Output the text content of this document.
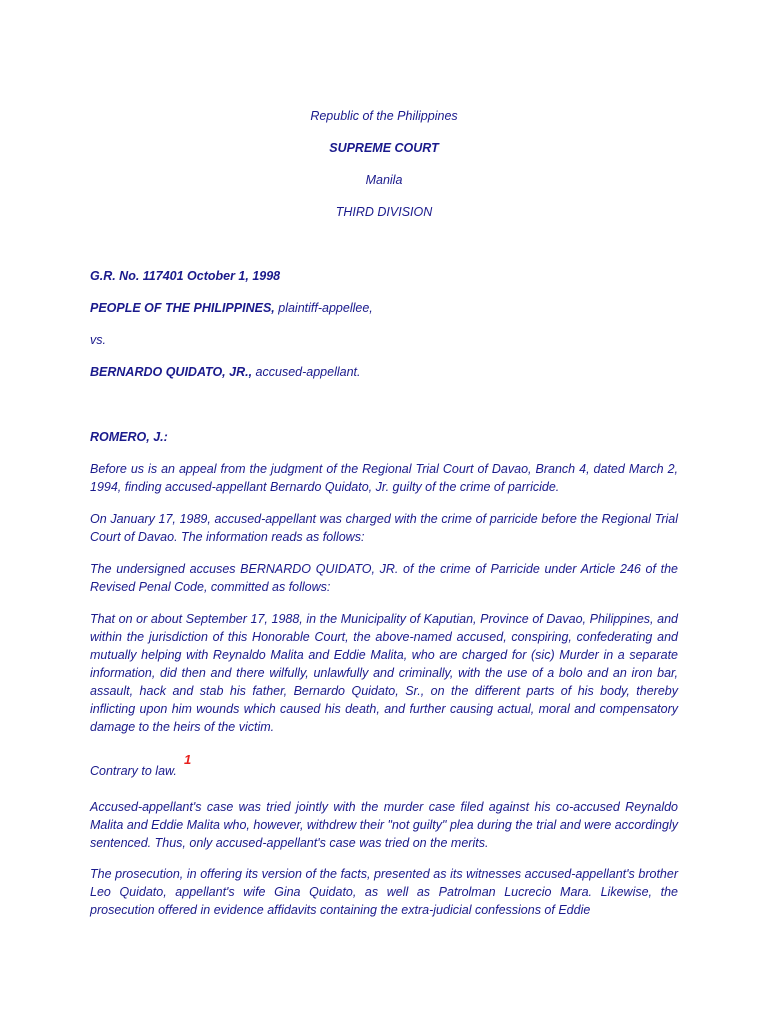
Republic of the Philippines
SUPREME COURT
Manila
THIRD DIVISION
G.R. No. 117401 October 1, 1998
PEOPLE OF THE PHILIPPINES, plaintiff-appellee,
vs.
BERNARDO QUIDATO, JR., accused-appellant.
ROMERO, J.:
Before us is an appeal from the judgment of the Regional Trial Court of Davao, Branch 4, dated March 2, 1994, finding accused-appellant Bernardo Quidato, Jr. guilty of the crime of parricide.
On January 17, 1989, accused-appellant was charged with the crime of parricide before the Regional Trial Court of Davao. The information reads as follows:
The undersigned accuses BERNARDO QUIDATO, JR. of the crime of Parricide under Article 246 of the Revised Penal Code, committed as follows:
That on or about September 17, 1988, in the Municipality of Kaputian, Province of Davao, Philippines, and within the jurisdiction of this Honorable Court, the above-named accused, conspiring, confederating and mutually helping with Reynaldo Malita and Eddie Malita, who are charged for (sic) Murder in a separate information, did then and there wilfully, unlawfully and criminally, with the use of a bolo and an iron bar, assault, hack and stab his father, Bernardo Quidato, Sr., on the different parts of his body, thereby inflicting upon him wounds which caused his death, and further causing actual, moral and compensatory damage to the heirs of the victim.
Contrary to law.
1
Accused-appellant's case was tried jointly with the murder case filed against his co-accused Reynaldo Malita and Eddie Malita who, however, withdrew their "not guilty" plea during the trial and were accordingly sentenced. Thus, only accused-appellant's case was tried on the merits.
The prosecution, in offering its version of the facts, presented as its witnesses accused-appellant's brother Leo Quidato, appellant's wife Gina Quidato, as well as Patrolman Lucrecio Mara. Likewise, the prosecution offered in evidence affidavits containing the extra-judicial confessions of Eddie
